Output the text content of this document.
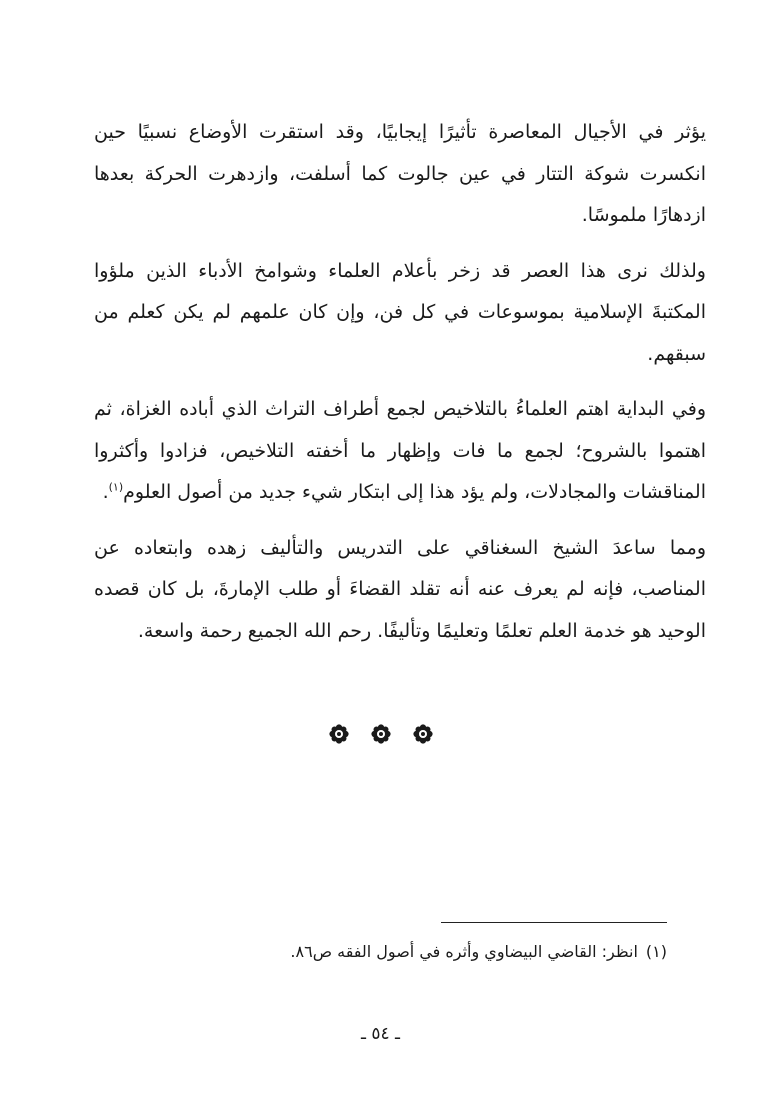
يؤثر في الأجيال المعاصرة تأثيرًا إيجابيًا، وقد استقرت الأوضاع نسبيًا حين انكسرت شوكة التتار في عين جالوت كما أسلفت، وازدهرت الحركة بعدها ازدهارًا ملموسًا.

ولذلك نرى هذا العصر قد زخر بأعلام العلماء وشوامخ الأدباء الذين ملؤوا المكتبةَ الإسلامية بموسوعات في كل فن، وإن كان علمهم لم يكن كعلم من سبقهم.

وفي البداية اهتم العلماءُ بالتلاخيص لجمع أطراف التراث الذي أباده الغزاة، ثم اهتموا بالشروح؛ لجمع ما فات وإظهار ما أخفته التلاخيص، فزادوا وأكثروا المناقشات والمجادلات، ولم يؤد هذا إلى ابتكار شيء جديد من أصول العلوم$^{(١)}$.

ومما ساعدَ الشيخ السغناقي على التدريس والتأليف زهده وابتعاده عن المناصب، فإنه لم يعرف عنه أنه تقلد القضاءَ أو طلب الإمارةَ، بل كان قصده الوحيد هو خدمة العلم تعلمًا وتعليمًا وتأليفًا. رحم الله الجميع رحمة واسعة.

(١)انظر: القاضي البيضاوي وأثره في أصول الفقه ص٨٦.
ـ ٥٤ ـ
